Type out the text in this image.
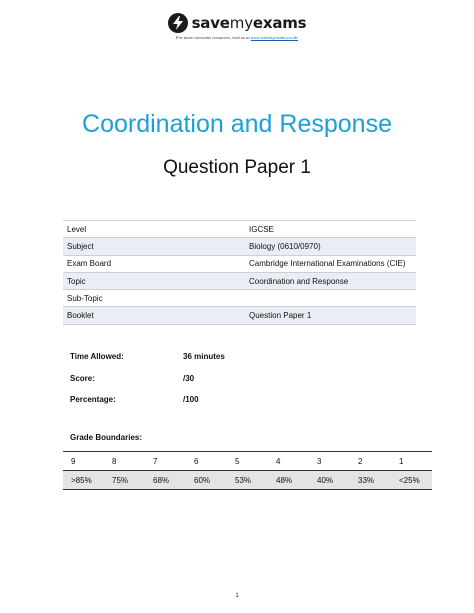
savemyexams
For more awesome resources, visit us at www.savemyexams.co.uk/
Coordination and Response
Question Paper 1
Level	IGCSE
Subject	Biology (0610/0970)
Exam Board	Cambridge International Examinations (CIE)
Topic	Coordination and Response
Sub-Topic	
Booklet	Question Paper 1
Time Allowed:	36 minutes
Score:	/30
Percentage:	/100
Grade Boundaries:
9	8	7	6	5	4	3	2	1
>85%	75%	68%	60%	53%	48%	40%	33%	<25%
1
